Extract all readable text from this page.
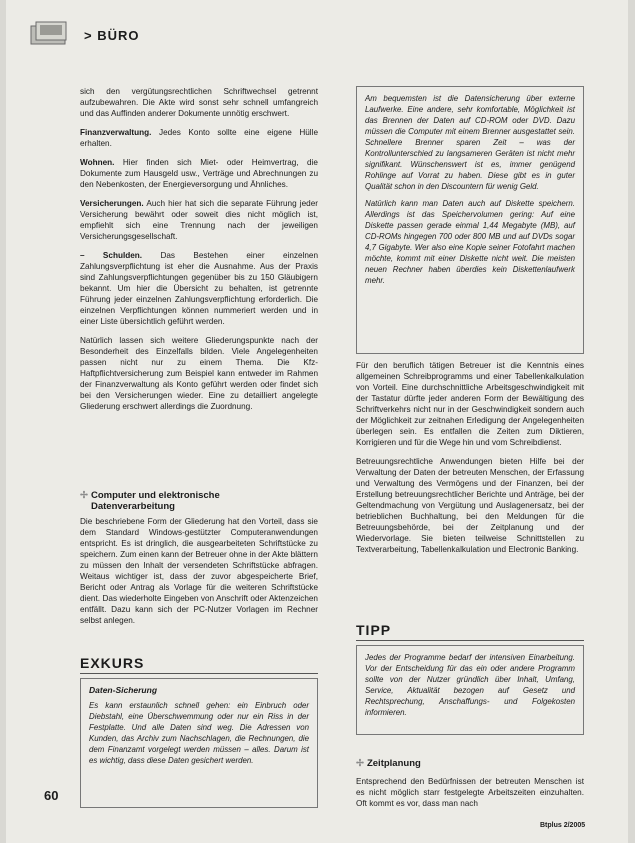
> BÜRO

sich den vergütungsrechtlichen Schriftwechsel getrennt aufzubewahren. Die Akte wird sonst sehr schnell umfangreich und das Auffinden anderer Dokumente unnötig erschwert.

Finanzverwaltung. Jedes Konto sollte eine eigene Hülle erhalten.

Wohnen. Hier finden sich Miet- oder Heimvertrag, die Dokumente zum Hausgeld usw., Verträge und Abrechnungen zu den Nebenkosten, der Energieversorgung und Ähnliches.

Versicherungen. Auch hier hat sich die separate Führung jeder Versicherung bewährt oder soweit dies nicht möglich ist, empfiehlt sich eine Trennung nach der jeweiligen Versicherungsgesellschaft.

– Schulden. Das Bestehen einer einzelnen Zahlungsverpflichtung ist eher die Ausnahme. Aus der Praxis sind Zahlungsverpflichtungen gegenüber bis zu 150 Gläubigern bekannt. Um hier die Übersicht zu behalten, ist getrennte Führung jeder einzelnen Zahlungsverpflichtung erforderlich. Die einzelnen Verpflichtungen können nummeriert werden und in einer Liste übersichtlich geführt werden.

Natürlich lassen sich weitere Gliederungspunkte nach der Besonderheit des Einzelfalls bilden. Viele Angelegenheiten passen nicht nur zu einem Thema. Die Kfz-Haftpflichtversicherung zum Beispiel kann entweder im Rahmen der Finanzverwaltung als Konto geführt werden oder findet sich bei den Versicherungen wieder. Eine zu detailliert angelegte Gliederung erschwert allerdings die Zuordnung.

✢ Computer und elektronische
Datenverarbeitung

Die beschriebene Form der Gliederung hat den Vorteil, dass sie dem Standard Windows-gestützter Computeranwendungen entspricht. Es ist dringlich, die ausgearbeiteten Schriftstücke zu speichern. Zum einen kann der Betreuer ohne in der Akte blättern zu müssen den Inhalt der versendeten Schriftstücke abfragen. Weitaus wichtiger ist, dass der zuvor abgespeicherte Brief, Bericht oder Antrag als Vorlage für die weiteren Schriftstücke dient. Das wiederholte Eingeben von Anschrift oder Aktenzeichen entfällt. Dazu kann sich der PC-Nutzer Vorlagen im Rechner selbst anlegen.

EXKURS
Daten-Sicherung
Es kann erstaunlich schnell gehen: ein Einbruch oder Diebstahl, eine Überschwemmung oder nur ein Riss in der Festplatte. Und alle Daten sind weg. Die Adressen von Kunden, das Archiv zum Nachschlagen, die Rechnungen, die dem Finanzamt vorgelegt werden müssen – alles. Darum ist es wichtig, dass diese Daten gesichert werden.

Am bequemsten ist die Datensicherung über externe Laufwerke. Eine andere, sehr komfortable, Möglichkeit ist das Brennen der Daten auf CD-ROM oder DVD. Dazu müssen die Computer mit einem Brenner ausgestattet sein. Schnellere Brenner sparen Zeit – was der Kontrollunterschied zu langsameren Geräten ist nicht mehr signifikant. Wünschenswert ist es, immer genügend Rohlinge auf Vorrat zu haben. Diese gibt es in guter Qualität schon in den Discountern für wenig Geld.

Natürlich kann man Daten auch auf Diskette speichern. Allerdings ist das Speichervolumen gering: Auf eine Diskette passen gerade einmal 1,44 Megabyte (MB), auf CD-ROMs hingegen 700 oder 800 MB und auf DVDs sogar 4,7 Gigabyte. Wer also eine Kopie seiner Fotofahrt machen möchte, kommt mit einer Diskette nicht weit. Die meisten neuen Rechner haben überdies kein Diskettenlaufwerk mehr.

Für den beruflich tätigen Betreuer ist die Kenntnis eines allgemeinen Schreibprogramms und einer Tabellenkalkulation von Vorteil. Eine durchschnittliche Arbeitsgeschwindigkeit mit der Tastatur dürfte jeder anderen Form der Bewältigung des Schriftverkehrs nicht nur in der Geschwindigkeit sondern auch der Möglichkeit zur zeitnahen Erledigung der Angelegenheiten überlegen sein. Es entfallen die Zeiten zum Diktieren, Korrigieren und für die Wege hin und vom Schreibdienst.

Betreuungsrechtliche Anwendungen bieten Hilfe bei der Verwaltung der Daten der betreuten Menschen, der Erfassung und Verwaltung des Vermögens und der Finanzen, bei der Erstellung betreuungsrechtlicher Berichte und Anträge, bei der Geltendmachung von Vergütung und Auslagenersatz, bei der betrieblichen Buchhaltung, bei den Meldungen für die Betreuungsbehörde, bei der Zeitplanung und der Wiedervorlage. Sie bieten teilweise Schnittstellen zu Textverarbeitung, Tabellenkalkulation und Electronic Banking.

TIPP
Jedes der Programme bedarf der intensiven Einarbeitung. Vor der Entscheidung für das ein oder andere Programm sollte von der Nutzer gründlich über Inhalt, Umfang, Service, Aktualität bezogen auf Gesetz und Rechtsprechung, Anschaffungs- und Folgekosten informieren.
✢ Zeitplanung
Entsprechend den Bedürfnissen der betreuten Menschen ist es nicht möglich starr festgelegte Arbeitszeiten einzuhalten. Oft kommt es vor, dass man nach
60
Btplus 2/2005
